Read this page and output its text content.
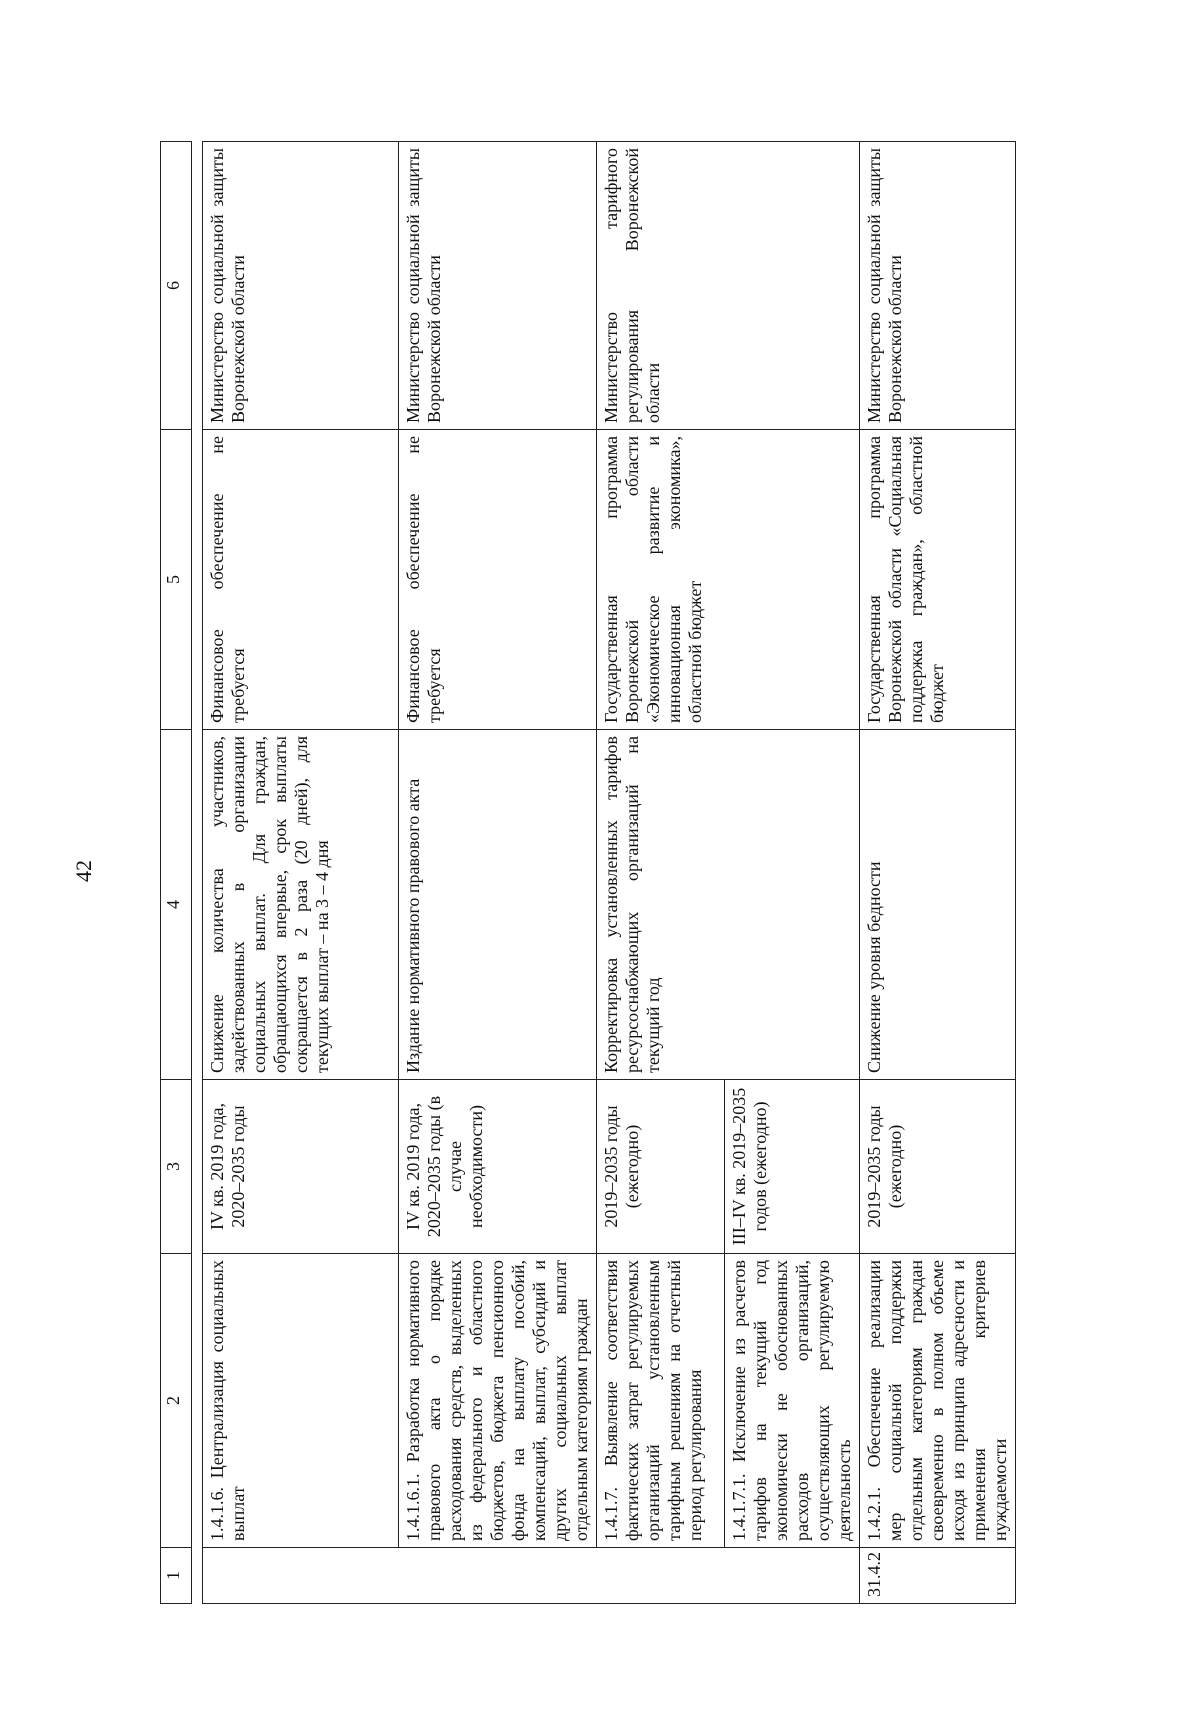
42
1	2	3	4	5	6

	1.4.1.6. Централизация социальных выплат	IV кв. 2019 года, 2020–2035 годы	Снижение количества участников, задействованных в организации социальных выплат. Для граждан, обращающихся впервые, срок выплаты сокращается в 2 раза (20 дней), для текущих выплат – на 3 – 4 дня	Финансовое обеспечение не требуется	Министерство социальной защиты Воронежской области
	1.4.1.6.1. Разработка нормативного правового акта о порядке расходования средств, выделенных из федерального и областного бюджетов, бюджета пенсионного фонда на выплату пособий, компенсаций, выплат, субсидий и других социальных выплат отдельным категориям граждан	IV кв. 2019 года, 2020–2035 годы (в случае необходимости)	Издание нормативного правового акта	Финансовое обеспечение не требуется	Министерство социальной защиты Воронежской области
	1.4.1.7. Выявление соответствия фактических затрат регулируемых организаций установленным тарифным решениям на отчетный период регулирования	2019–2035 годы (ежегодно)	Корректировка установленных тарифов ресурсоснабжающих организаций на текущий год	Государственная программа Воронежской области «Экономическое развитие и инновационная экономика», областной бюджет	Министерство тарифного регулирования Воронежской области
	1.4.1.7.1. Исключение из расчетов тарифов на текущий год экономически не обоснованных расходов организаций, осуществляющих регулируемую деятельность	III–IV кв. 2019–2035 годов (ежегодно)			
31.4.2	1.4.2.1. Обеспечение реализации мер социальной поддержки отдельным категориям граждан своевременно в полном объеме исходя из принципа адресности и применения критериев нуждаемости	2019–2035 годы (ежегодно)	Снижение уровня бедности	Государственная программа Воронежской области «Социальная поддержка граждан», областной бюджет	Министерство социальной защиты Воронежской области
